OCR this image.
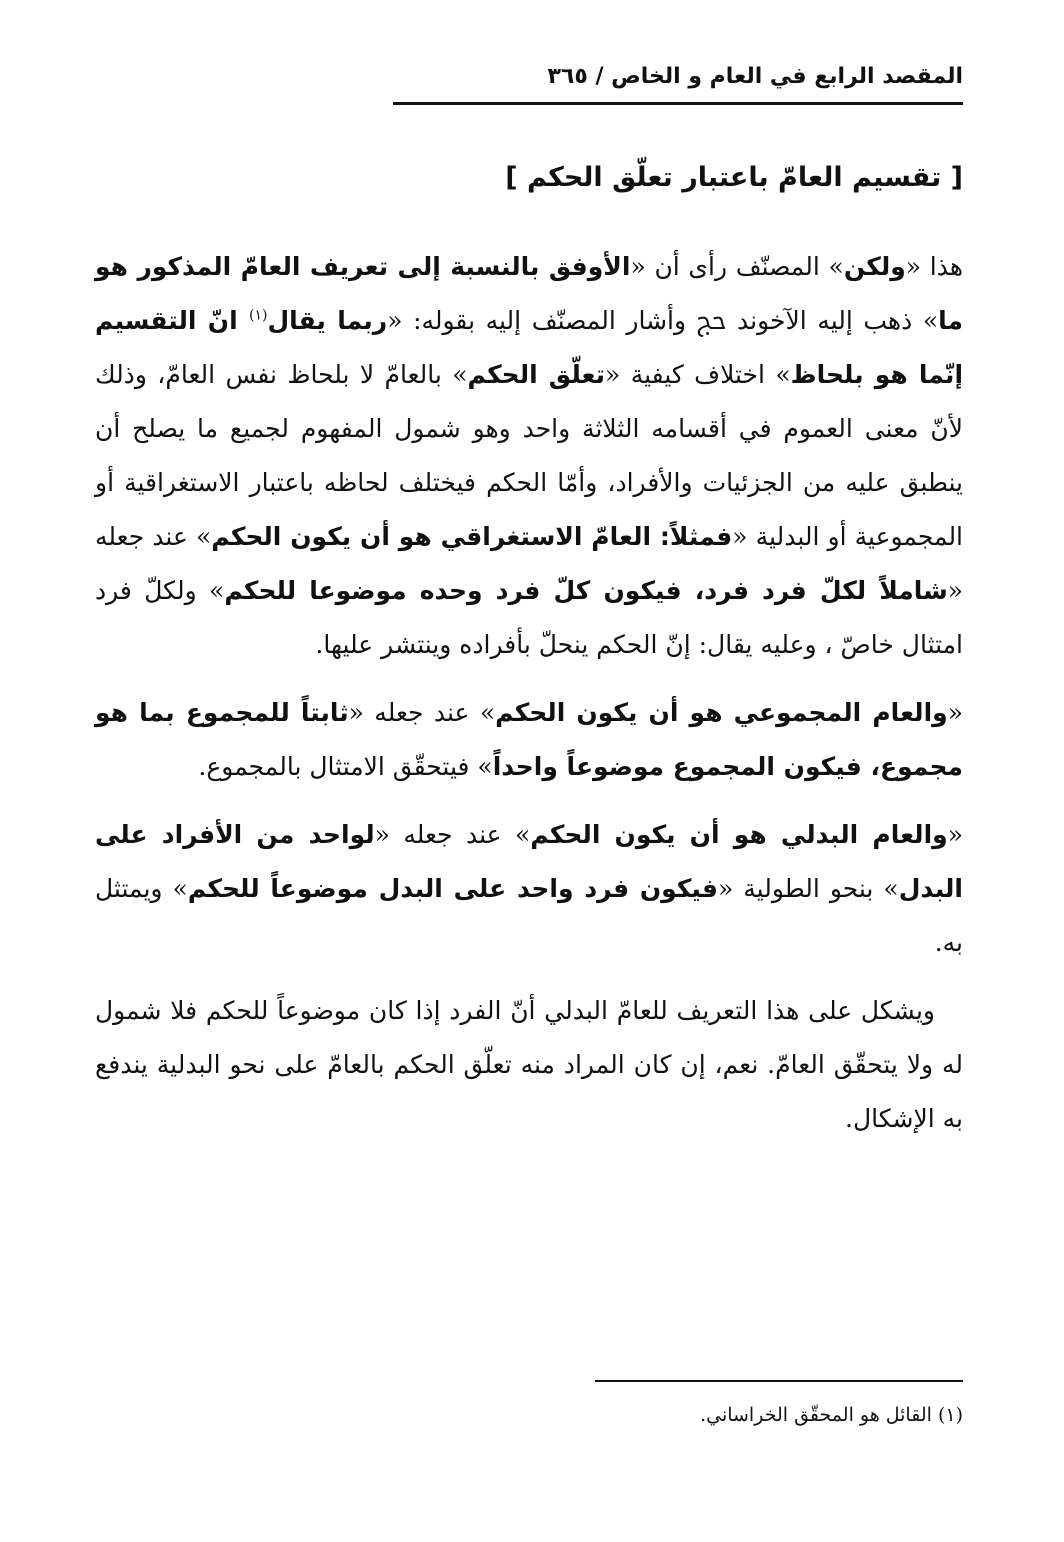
المقصد الرابع في العام و الخاص / ٣٦٥
[ تقسيم العامّ باعتبار تعلّق الحكم ]

هذا «ولكن» المصنّف رأى أن «الأوفق بالنسبة إلى تعريف العامّ المذكور هو ما» ذهب إليه الآخوند ﰗ وأشار المصنّف إليه بقوله: «ربما يقال$^{(١)}$ انّ التقسيم إنّما هو بلحاظ» اختلاف كيفية «تعلّق الحكم» بالعامّ لا بلحاظ نفس العامّ، وذلك لأنّ معنى العموم في أقسامه الثلاثة واحد وهو شمول المفهوم لجميع ما يصلح أن ينطبق عليه من الجزئيات والأفراد، وأمّا الحكم فيختلف لحاظه باعتبار الاستغراقية أو المجموعية أو البدلية «فمثلاً: العامّ الاستغراقي هو أن يكون الحكم» عند جعله «شاملاً لكلّ فرد فرد، فيكون كلّ فرد وحده موضوعا للحكم» ولكلّ فرد امتثال خاصّ ، وعليه يقال: إنّ الحكم ينحلّ بأفراده وينتشر عليها.

«والعام المجموعي هو أن يكون الحكم» عند جعله «ثابتاً للمجموع بما هو مجموع، فيكون المجموع موضوعاً واحداً» فيتحقّق الامتثال بالمجموع.

«والعام البدلي هو أن يكون الحكم» عند جعله «لواحد من الأفراد على البدل» بنحو الطولية «فيكون فرد واحد على البدل موضوعاً للحكم» ويمتثل به.

ويشكل على هذا التعريف للعامّ البدلي أنّ الفرد إذا كان موضوعاً للحكم فلا شمول له ولا يتحقّق العامّ. نعم، إن كان المراد منه تعلّق الحكم بالعامّ على نحو البدلية يندفع به الإشكال.

(١) القائل هو المحقّق الخراساني.
